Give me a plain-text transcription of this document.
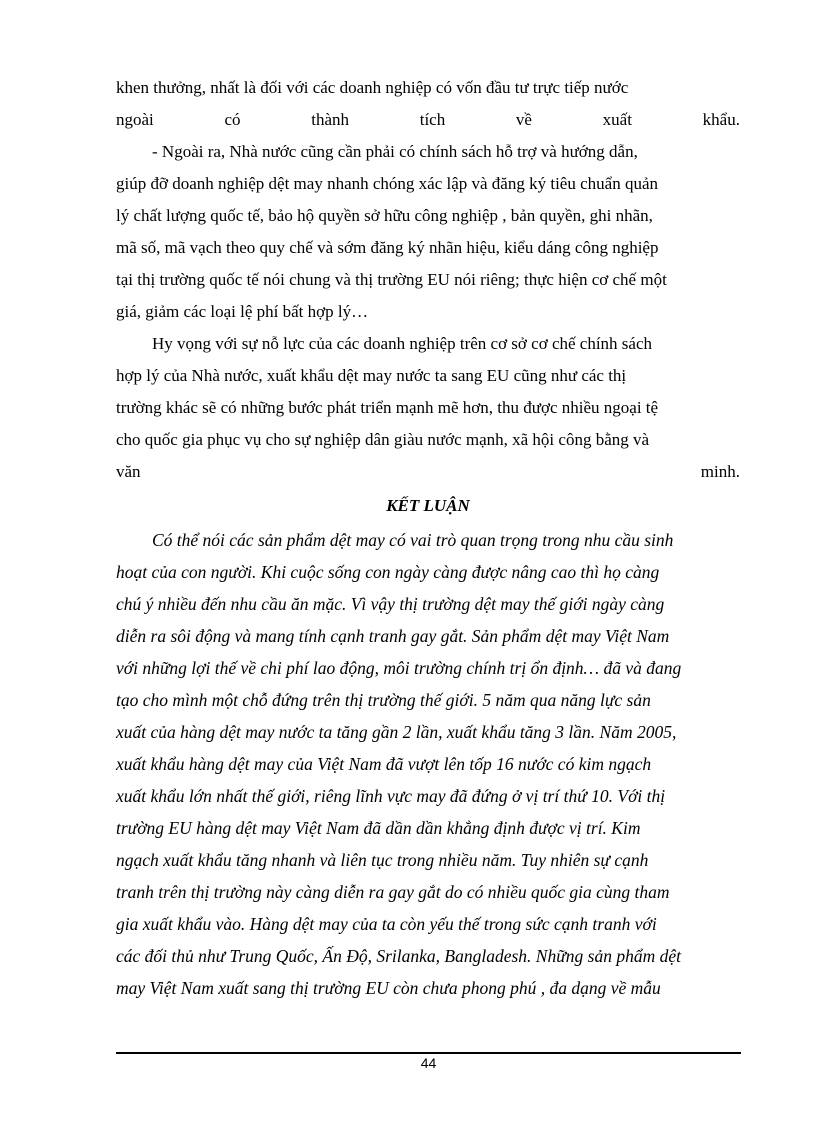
khen thưởng, nhất là đối với các doanh nghiệp có vốn đầu tư trực tiếp nước
ngoài	có	thành	tích	về	xuất	khẩu.
- Ngoài ra, Nhà nước cũng cần phải có chính sách hỗ trợ và hướng dẫn,
giúp đỡ doanh nghiệp dệt may nhanh chóng xác lập và đăng ký tiêu chuẩn quản
lý chất lượng quốc tế, bảo hộ quyền sở hữu công nghiệp , bản quyền, ghi nhãn,
mã số, mã vạch theo quy chế và sớm đăng ký nhãn hiệu, kiểu dáng công nghiệp
tại thị trường quốc tế nói chung và thị trường EU nói riêng; thực hiện cơ chế một
giá, giảm các loại lệ phí bất hợp lý…
Hy vọng với sự nỗ lực của các doanh nghiệp trên cơ sở cơ chế chính sách
hợp lý của Nhà nước, xuất khẩu dệt may nước ta sang EU cũng như các thị
trường khác sẽ có những bước phát triển mạnh mẽ hơn, thu được nhiều ngoại tệ
cho quốc gia phục vụ cho sự nghiệp dân giàu nước mạnh, xã hội công bằng và
văn	minh.
KẾT LUẬN
Có thể nói các sản phẩm dệt may có vai trò quan trọng trong nhu cầu sinh
hoạt của con người. Khi cuộc sống con ngày càng được nâng cao thì họ càng
chú ý nhiều đến nhu cầu ăn mặc. Vì vậy thị trường dệt may thế giới ngày càng
diễn ra sôi động và mang tính cạnh tranh gay gắt. Sản phẩm dệt may Việt Nam
với những lợi thế về chi phí lao động, môi trường chính trị ổn định… đã và đang
tạo cho mình một chỗ đứng trên thị trường thế giới. 5 năm qua năng lực sản
xuất của hàng dệt may nước ta tăng gần 2 lần, xuất khẩu tăng 3 lần. Năm 2005,
xuất khẩu hàng dệt may của Việt Nam đã vượt lên tốp 16 nước có kim ngạch
xuất khẩu lớn nhất thế giới, riêng lĩnh vực may đã đứng ở vị trí thứ 10. Với thị
trường EU hàng dệt may Việt Nam đã dần dần khẳng định được vị trí. Kim
ngạch xuất khẩu tăng nhanh và liên tục trong nhiều năm. Tuy nhiên sự cạnh
tranh trên thị trường này càng diễn ra gay gắt do có nhiều quốc gia cùng tham
gia xuất khẩu vào. Hàng dệt may của ta còn yếu thế trong sức cạnh tranh với
các đối thủ như Trung Quốc, Ấn Độ, Srilanka, Bangladesh. Những sản phẩm dệt
may Việt Nam xuất sang thị trường EU còn chưa phong phú , đa dạng về mẫu
44
